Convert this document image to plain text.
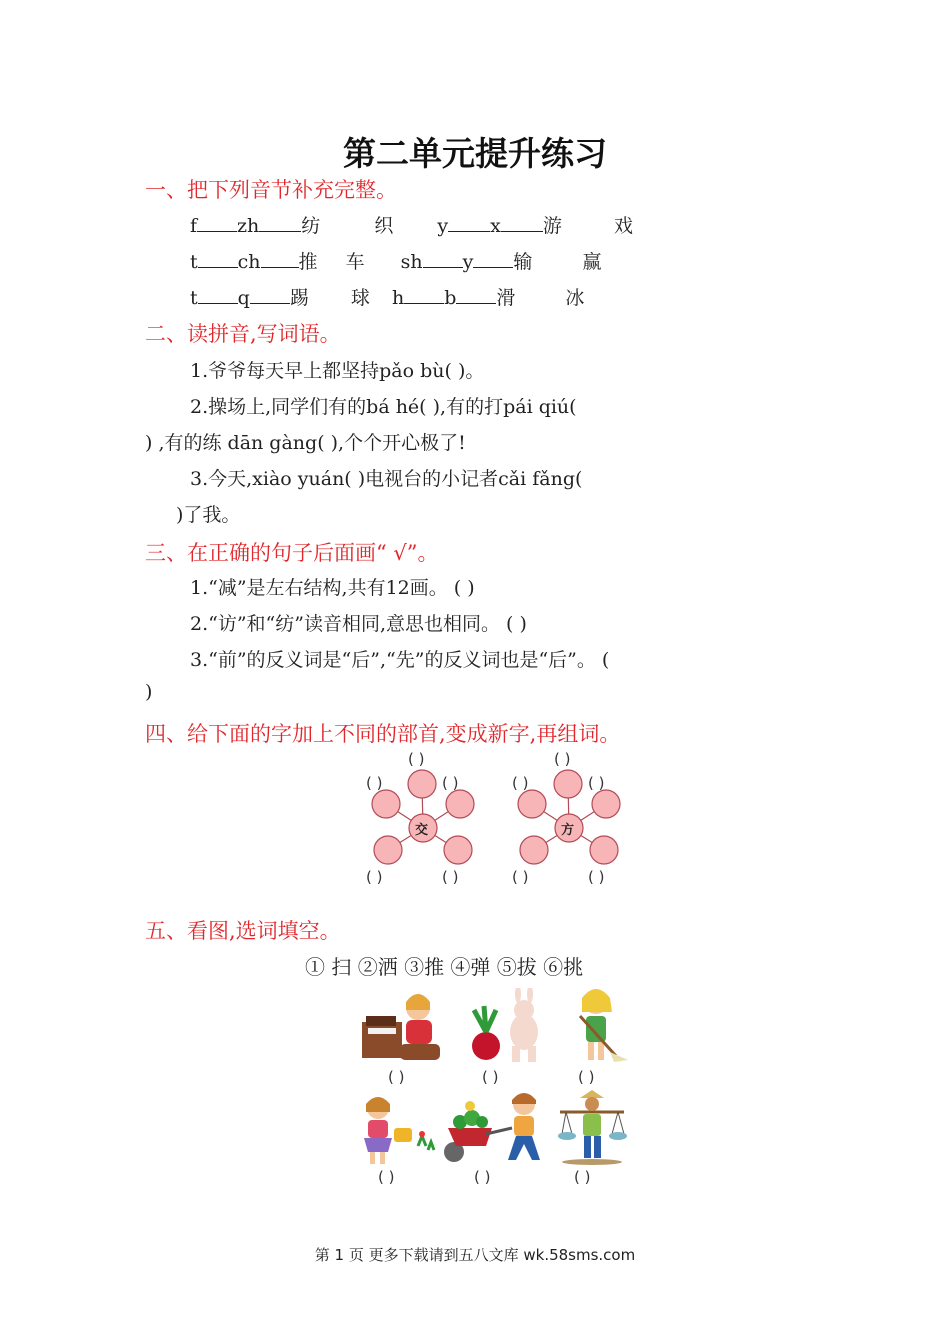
第二单元提升练习
一、把下列音节补充完整。
f zh 纺	织 y x 游	戏
t ch 推 车 sh y 输	赢
t q 踢 球 h b 滑	冰
二、读拼音,写词语。
1.爷爷每天早上都坚持pǎo bù( )。
2.操场上,同学们有的bá hé( ),有的打pái qiú(
) ,有的练 dān gàng( ),个个开心极了!
3.今天,xiào yuán( )电视台的小记者cǎi fǎng(
)了我。
三、在正确的句子后面画“ √”。
1.“减”是左右结构,共有12画。 ( )
2.“访”和“纺”读音相同,意思也相同。 ( )
3.“前”的反义词是“后”,“先”的反义词也是“后”。 (
)
四、给下面的字加上不同的部首,变成新字,再组词。
交
( )
( )	( )
( )	( )
方
( )
( )	( )
( )	( )
五、看图,选词填空。
① 扫 ②洒 ③推 ④弹 ⑤拔 ⑥挑
( )	( )	( )
( )	( )	( )
第 1 页 更多下载请到五八文库 wk.58sms.com
